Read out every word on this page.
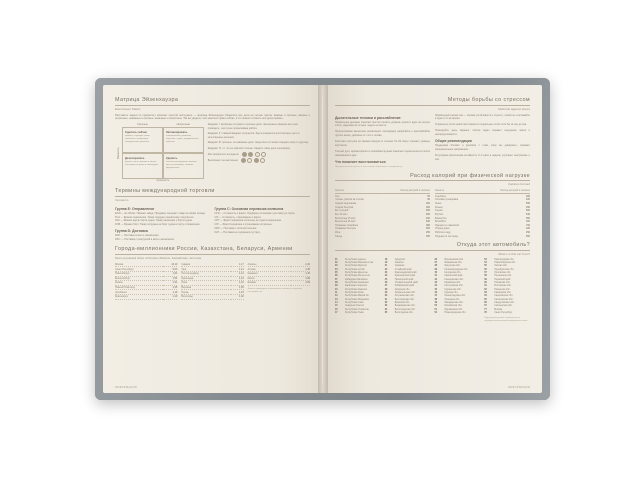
Матрица Эйзенхауэра
Eisenhower Matrix
Расставить задачи по приоритету помогает простой инструмент — матрица Эйзенхауэра. Разделите все дела на четыре группы: важные и срочные, важные и несрочные, неважные и срочные, неважные и несрочные. Так вы увидите, чем заняться прямо сейчас, а что можно отложить или делегировать.
Важность
Срочные	Несрочные
Сделать сейчас
кризисы, горящие сроки, проблемы, требующие немедленного решения
Запланировать
планирование, развитие, обучение, отдых, профилактика проблем
Делегировать
рутина, часть звонков и писем, некоторые встречи и совещания
Удалить
поглотители времени, мелочи, пустые разговоры, лишние уведомления
Срочность
Квадрант I: кризисные ситуации и срочные дела. Чем меньше времени вы в нём проводите, тем лучше организована работа.
Квадрант II: главный квадрант результата. Здесь рождаются долгосрочные цели и качественные решения.
Квадрант III: срочные, но неважные дела. Чаще всего их можно передать кому-то другому.
Квадрант IV: то, что не приносит пользы. Сведите такие дела к минимуму.
Мои приоритеты на неделю
Выполнено / не выполнено
Термины международной торговли
Incoterms
Группа E: Отправление
EXW — Ex Works / Франко завод. Продавец передаёт товар на своём складе.
FCA — Франко перевозчик. Товар передан перевозчику покупателя.
FAS — Франко вдоль борта судна. Товар размещён у борта судна.
FOB — Франко борт. Товар погружен на борт судна в порту отправления.
Группа D: Доставка
DAP — Поставка в месте назначения.
DPU — Поставка с разгрузкой в месте назначения.
Группа C: Основная перевозка оплачена
CFR — Стоимость и фрахт. Продавец оплачивает доставку до порта.
CIF — Стоимость, страхование и фрахт.
CPT — Фрахт/перевозка оплачены до пункта назначения.
CIP — Фрахт/перевозка и страхование оплачены.
DDP — Поставка с оплатой пошлин.
DAT — Поставка на терминале (устар.).
Города-миллионники России, Казахстана, Беларуси, Армении
Most populated cities of Russia, Belarus, Kazakhstan, Armenia
Москва	13,10
Санкт-Петербург	5,60
Новосибирск	1,63
Екатеринбург	1,54
Казань	1,31
Нижний Новгород	1,25
Челябинск	1,19
Красноярск	1,19
Самара	1,17
Уфа	1,14
Ростов-на-Дону	1,14
Краснодар	1,10
Омск	1,10
Воронеж	1,05
Пермь	1,03
Волгоград	1,02
Алматы	2,10
Астана	1,35
Шымкент	1,15
Минск	1,99
Ереван	1,09
Данные приведены в миллионах человек по оценкам последних лет.
ИНФОРМАЦИЯ
Методы борьбы со стрессом
Methods against stress
Дыхательные техники и расслабление
Правильное дыхание помогает быстро снизить уровень тревоги: вдох на четыре счёта, задержка на четыре, выдох на шесть.
Прогрессивная мышечная релаксация: поочерёдно напрягайте и расслабляйте группы мышц, двигаясь от стоп к голове.
Короткая прогулка на свежем воздухе в течение 15–20 минут снижает уровень кортизола.
Тёплый душ, ароматерапия и спокойная музыка помогают переключиться после напряжённого дня.
Что помогает восстановиться
При длительном стрессе и бессоннице обратитесь к специалисту.
Правильный режим сна — основа устойчивости к стрессу: ложитесь и вставайте в одно и то же время.
Ограничьте поток новостей и время в социальных сетях хотя бы за час до сна.
Планируйте день заранее: список задач снижает ощущение хаоса и неопределённости.
Общие рекомендации
Поддержка близких и разговор с теми, кому вы доверяете, снижают эмоциональное напряжение.
Регулярная физическая активность 3–4 раза в неделю улучшает настроение и сон.
Расход калорий при физической нагрузке
Calories burned
Занятие	Расход калорий в час/ккал
Сон	50
Чтение, работа за столом	90
Ходьба медленная	200
Ходьба быстрая	300
Бег трусцой	480
Бег 10 км/ч	600
Велосипед 15 км/ч	400
Велосипед 25 км/ч	620
Плавание спокойное	380
Плавание быстрое	600
Йога	250
Танцы	350
Занятие	Расход калорий в час/ккал
Аэробика	480
Силовая тренировка	400
Лыжи	550
Коньки	450
Теннис	500
Футбол	540
Баскетбол	560
Волейбол	300
Прыжки со скакалкой	700
Уборка дома	180
Работа в саду	250
Подъём по лестнице	650
Откуда этот автомобиль?
Where is this car from?
01	Республика Адыгея
02	Республика Башкортостан
03	Республика Бурятия
04	Республика Алтай
05	Республика Дагестан
06	Республика Ингушетия
07	Кабардино-Балкария
08	Республика Калмыкия
09	Карачаево-Черкесия
10	Республика Карелия
11	Республика Коми
12	Республика Марий Эл
13	Республика Мордовия
14	Республика Саха
15	Северная Осетия
16	Республика Татарстан
17	Республика Тыва
18	Удмуртия
19	Хакасия
21	Чувашия
22	Алтайский край
23	Краснодарский край
24	Красноярский край
25	Приморский край
26	Ставропольский край
27	Хабаровский край
28	Амурская обл.
29	Архангельская обл.
30	Астраханская обл.
31	Белгородская обл.
32	Брянская обл.
33	Владимирская обл.
34	Волгоградская обл.
35	Вологодская обл.
36	Воронежская обл.
37	Ивановская обл.
38	Иркутская обл.
39	Калининградская обл.
40	Калужская обл.
41	Камчатский край
42	Кемеровская обл.
43	Кировская обл.
44	Костромская обл.
45	Курганская обл.
46	Курская обл.
47	Ленинградская обл.
48	Липецкая обл.
49	Магаданская обл.
50	Московская обл.
51	Мурманская обл.
52	Нижегородская обл.
53	Новгородская обл.
54	Новосибирская обл.
55	Омская обл.
56	Оренбургская обл.
57	Орловская обл.
58	Пензенская обл.
59	Пермский край
60	Псковская обл.
61	Ростовская обл.
62	Рязанская обл.
63	Самарская обл.
64	Саратовская обл.
65	Сахалинская обл.
66	Свердловская обл.
67	Смоленская обл.
77	Москва
78	Санкт-Петербург
Код региона указан в правой части государственного регистрационного знака.
ИНФОРМАЦИЯ
